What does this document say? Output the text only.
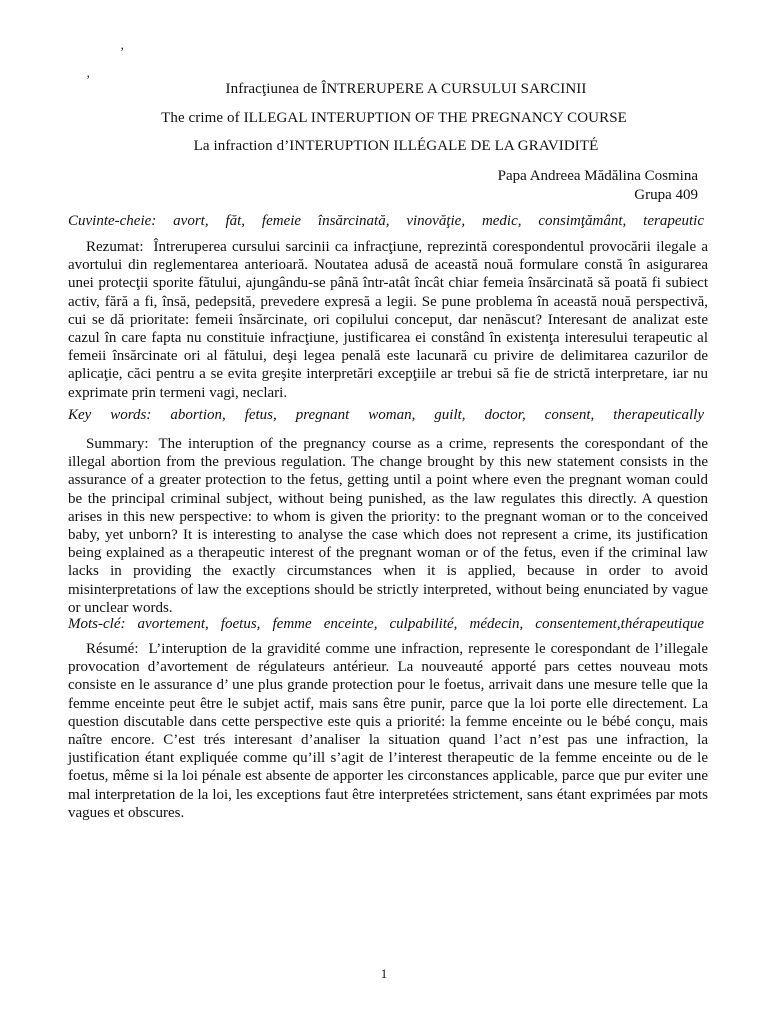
ʼ
ʼ
Infracţiunea de ÎNTRERUPERE A CURSULUI SARCINII
The crime of ILLEGAL INTERUPTION OF THE PREGNANCY COURSE
La infraction d’INTERUPTION ILLÉGALE DE LA GRAVIDITÉ
Papa Andreea Mădălina Cosmina
Grupa 409
Cuvinte-cheie: avort, făt, femeie însărcinată, vinovăţie, medic, consimţământ, terapeutic

Rezumat: Întreruperea cursului sarcinii ca infracţiune, reprezintă corespondentul provocării ilegale a avortului din reglementarea anterioară. Noutatea adusă de această nouă formulare constă în asigurarea unei protecţii sporite fătului, ajungându-se până într-atât încât chiar femeia însărcinată să poată fi subiect activ, fără a fi, însă, pedepsită, prevedere expresă a legii. Se pune problema în această nouă perspectivă, cui se dă prioritate: femeii însărcinate, ori copilului conceput, dar nenăscut? Interesant de analizat este cazul în care fapta nu constituie infracţiune, justificarea ei constând în existenţa interesului terapeutic al femeii însărcinate ori al fătului, deşi legea penală este lacunară cu privire de delimitarea cazurilor de aplicaţie, căci pentru a se evita greşite interpretări excepţiile ar trebui să fie de strictă interpretare, iar nu exprimate prin termeni vagi, neclari.

Key words: abortion, fetus, pregnant woman, guilt, doctor, consent, therapeutically

Summary: The interuption of the pregnancy course as a crime, represents the corespondant of the illegal abortion from the previous regulation. The change brought by this new statement consists in the assurance of a greater protection to the fetus, getting until a point where even the pregnant woman could be the principal criminal subject, without being punished, as the law regulates this directly. A question arises in this new perspective: to whom is given the priority: to the pregnant woman or to the conceived baby, yet unborn? It is interesting to analyse the case which does not represent a crime, its justification being explained as a therapeutic interest of the pregnant woman or of the fetus, even if the criminal law lacks in providing the exactly circumstances when it is applied, because in order to avoid misinterpretations of law the exceptions should be strictly interpreted, without being enunciated by vague or unclear words.

Mots-clé: avortement, foetus, femme enceinte, culpabilité, médecin, consentement,thérapeutique

Résumé: L’interuption de la gravidité comme une infraction, represente le corespondant de l’illegale provocation d’avortement de régulateurs antérieur. La nouveauté apporté pars cettes nouveau mots consiste en le assurance d’ une plus grande protection pour le foetus, arrivait dans une mesure telle que la femme enceinte peut être le subjet actif, mais sans être punir, parce que la loi porte elle directement. La question discutable dans cette perspective este quis a priorité: la femme enceinte ou le bébé conçu, mais naître encore. C’est trés interesant d’analiser la situation quand l’act n’est pas une infraction, la justification étant expliquée comme qu’ill s’agit de l’interest therapeutic de la femme enceinte ou de le foetus, même si la loi pénale est absente de apporter les circonstances applicable, parce que pur eviter une mal interpretation de la loi, les exceptions faut être interpretées strictement, sans étant exprimées par mots vagues et obscures.

1
